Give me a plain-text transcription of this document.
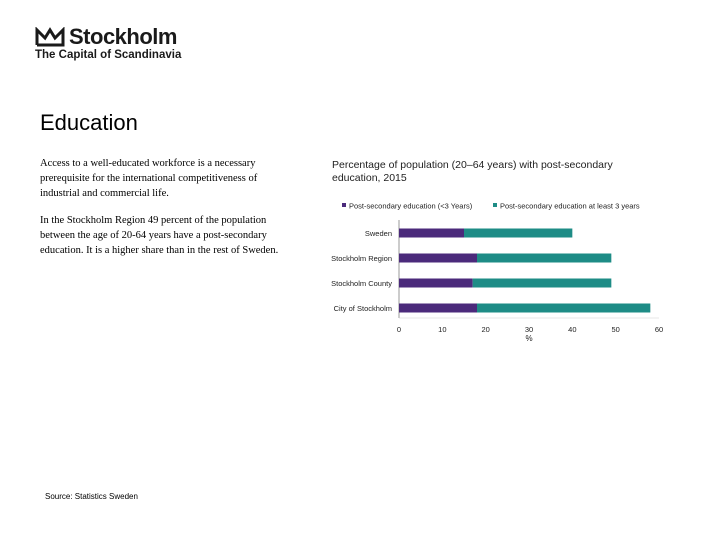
Stockholm
The Capital of Scandinavia
Education
Access to a well-educated workforce is a necessary prerequisite for the international competitiveness of industrial and commercial life.
In the Stockholm Region 49 percent of the population between the age of 20-64 years have a post-secondary education. It is a higher share than in the rest of Sweden.
Percentage of population (20–64 years) with post-secondary
education, 2015
Post-secondary education (<3 Years)	Post-secondary education at least 3 years
Sweden
Stockholm Region
Stockholm County
City of Stockholm
0	10	20	30	40	50	60
%
Source: Statistics Sweden
